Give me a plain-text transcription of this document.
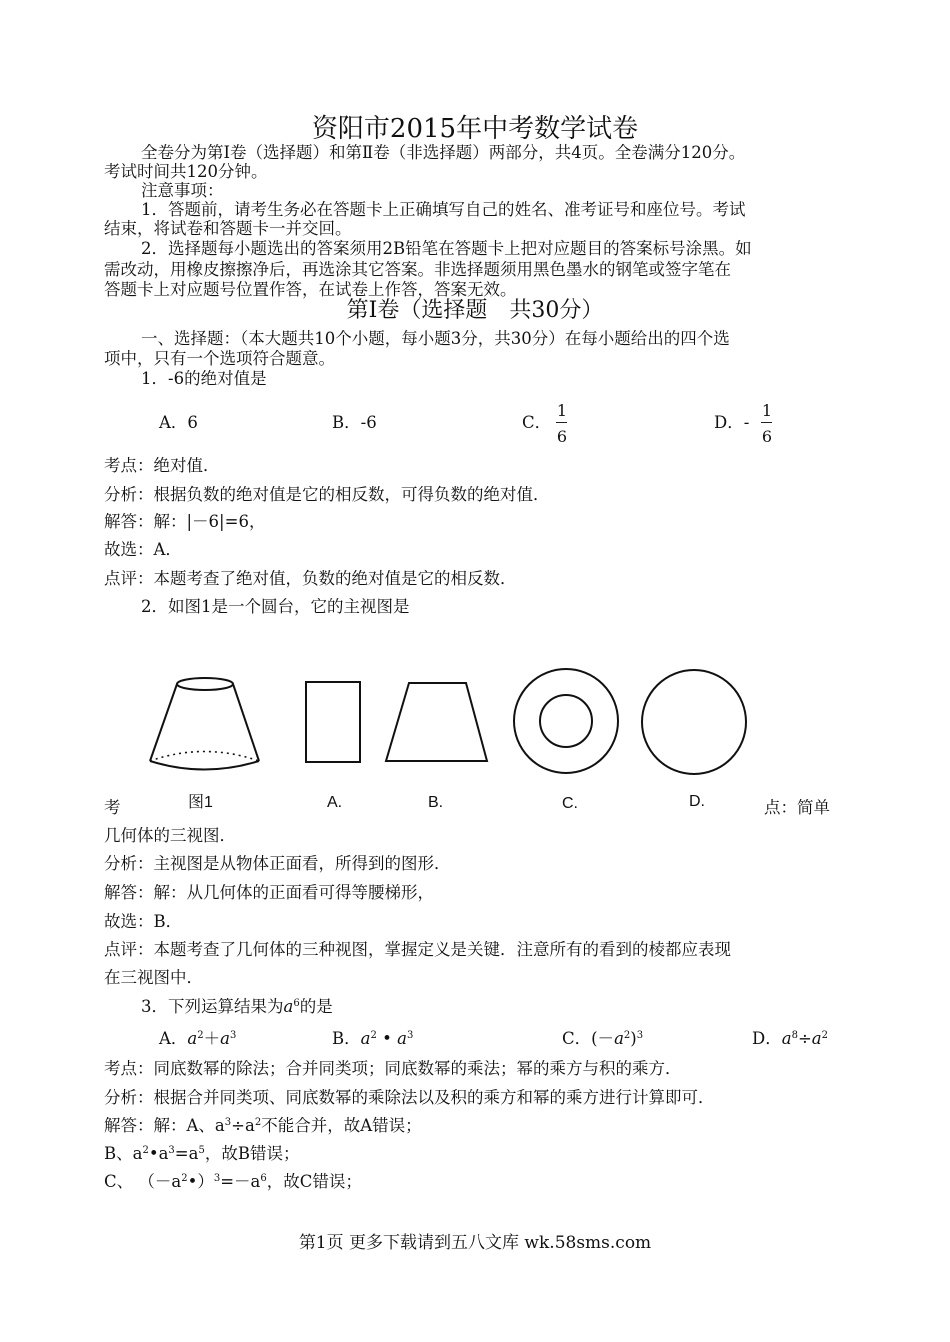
资阳市2015年中考数学试卷
全卷分为第Ⅰ卷（选择题）和第Ⅱ卷（非选择题）两部分，共4页。全卷满分120分。
考试时间共120分钟。
注意事项：
1．答题前，请考生务必在答题卡上正确填写自己的姓名、准考证号和座位号。考试
结束，将试卷和答题卡一并交回。
2．选择题每小题选出的答案须用2B铅笔在答题卡上把对应题目的答案标号涂黑。如
需改动，用橡皮擦擦净后，再选涂其它答案。非选择题须用黑色墨水的钢笔或签字笔在
答题卡上对应题号位置作答，在试卷上作答，答案无效。
第Ⅰ卷（选择题　共30分）
一、选择题：（本大题共10个小题，每小题3分，共30分）在每小题给出的四个选
项中，只有一个选项符合题意。
1．-6的绝对值是
A．6	B．-6	C．
1
6
D．-
1
6
考点：绝对值．
分析：根据负数的绝对值是它的相反数，可得负数的绝对值．
解答：解：|－6|=6，
故选：A．
点评：本题考查了绝对值，负数的绝对值是它的相反数．
2．如图1是一个圆台，它的主视图是
考	图1	A.	B.	C.	D.	点：简单
几何体的三视图．
分析：主视图是从物体正面看，所得到的图形．
解答：解：从几何体的正面看可得等腰梯形，
故选：B．
点评：本题考查了几何体的三种视图，掌握定义是关键．注意所有的看到的棱都应表现
在三视图中．
3．下列运算结果为$a^6$的是
A．$a^2+a^3$	B．$a^2$ • $a^3$	C．$(-a^2)^3$	D．$a^8\div a^2$
考点：同底数幂的除法；合并同类项；同底数幂的乘法；幂的乘方与积的乘方．
分析：根据合并同类项、同底数幂的乘除法以及积的乘方和幂的乘方进行计算即可．
解答：解：A、$a^3\div a^2$不能合并，故A错误；
B、$a^2•a^3=a^5$，故B错误；
C、 $(-a^2•)^3=-a^6$，故C错误；
第1页 更多下载请到五八文库 wk.58sms.com
